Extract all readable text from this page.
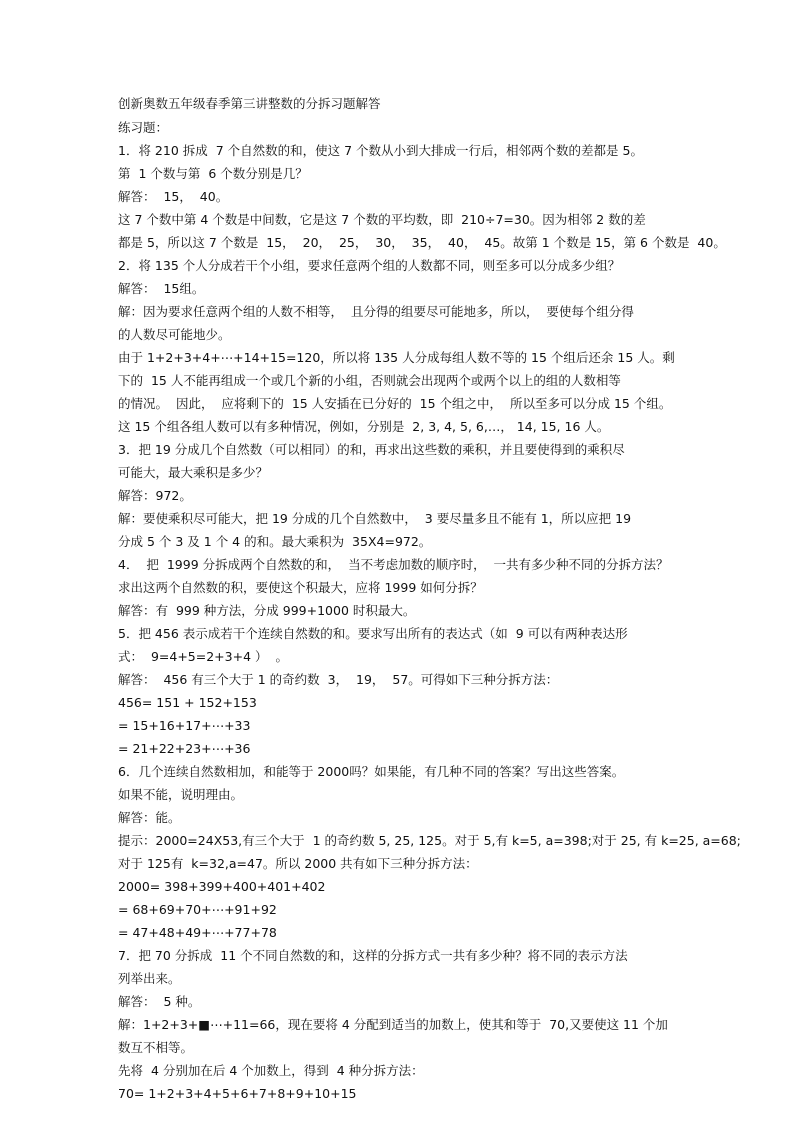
创新奥数五年级春季第三讲整数的分拆习题解答
练习题：
1．将 210 拆成  7 个自然数的和，使这 7 个数从小到大排成一行后，相邻两个数的差都是 5。
第  1 个数与第  6 个数分别是几？
解答：  15，  40。
这 7 个数中第 4 个数是中间数，它是这 7 个数的平均数，即  210÷7=30。因为相邻 2 数的差
都是 5，所以这 7 个数是  15，  20，  25，  30，  35，  40，  45。故第 1 个数是 15，第 6 个数是  40。
2．将 135 个人分成若干个小组，要求任意两个组的人数都不同，则至多可以分成多少组？
解答：  15组。
解：因为要求任意两个组的人数不相等，  且分得的组要尽可能地多，所以，  要使每个组分得
的人数尽可能地少。
由于 1+2+3+4+⋯+14+15=120，所以将 135 人分成每组人数不等的 15 个组后还余 15 人。剩
下的  15 人不能再组成一个或几个新的小组，否则就会出现两个或两个以上的组的人数相等
的情况。  因此，  应将剩下的  15 人安插在已分好的  15 个组之中，  所以至多可以分成 15 个组。
这 15 个组各组人数可以有多种情况，例如，分别是  2, 3, 4, 5, 6,…， 14, 15, 16 人。
3．把 19 分成几个自然数（可以相同）的和，再求出这些数的乘积，并且要使得到的乘积尽
可能大，最大乘积是多少？
解答：972。
解：要使乘积尽可能大，把 19 分成的几个自然数中，  3 要尽量多且不能有 1，所以应把 19
分成 5 个 3 及 1 个 4 的和。最大乘积为  35X4=972。
4．  把  1999 分拆成两个自然数的和，  当不考虑加数的顺序时，  一共有多少种不同的分拆方法？
求出这两个自然数的积，要使这个积最大，应将 1999 如何分拆？
解答：有  999 种方法，分成 999+1000 时积最大。
5．把 456 表示成若干个连续自然数的和。要求写出所有的表达式（如  9 可以有两种表达形
式：  9=4+5=2+3+4 ）  。
解答：  456 有三个大于 1 的奇约数  3，  19，  57。可得如下三种分拆方法：
456= 151 + 152+153
= 15+16+17+⋯+33
= 21+22+23+⋯+36
6．几个连续自然数相加，和能等于 2000吗？如果能，有几种不同的答案？写出这些答案。
如果不能，说明理由。
解答：能。
提示：2000=24X53,有三个大于  1 的奇约数 5, 25, 125。对于 5,有 k=5, a=398;对于 25, 有 k=25, a=68;
对于 125有  k=32,a=47。所以 2000 共有如下三种分拆方法：
2000= 398+399+400+401+402
= 68+69+70+⋯+91+92
= 47+48+49+⋯+77+78
7．把 70 分拆成  11 个不同自然数的和，这样的分拆方式一共有多少种？将不同的表示方法
列举出来。
解答：  5 种。
解：1+2+3+■⋯+11=66，现在要将 4 分配到适当的加数上，使其和等于  70,又要使这 11 个加
数互不相等。
先将  4 分别加在后 4 个加数上，得到  4 种分拆方法：
70= 1+2+3+4+5+6+7+8+9+10+15
